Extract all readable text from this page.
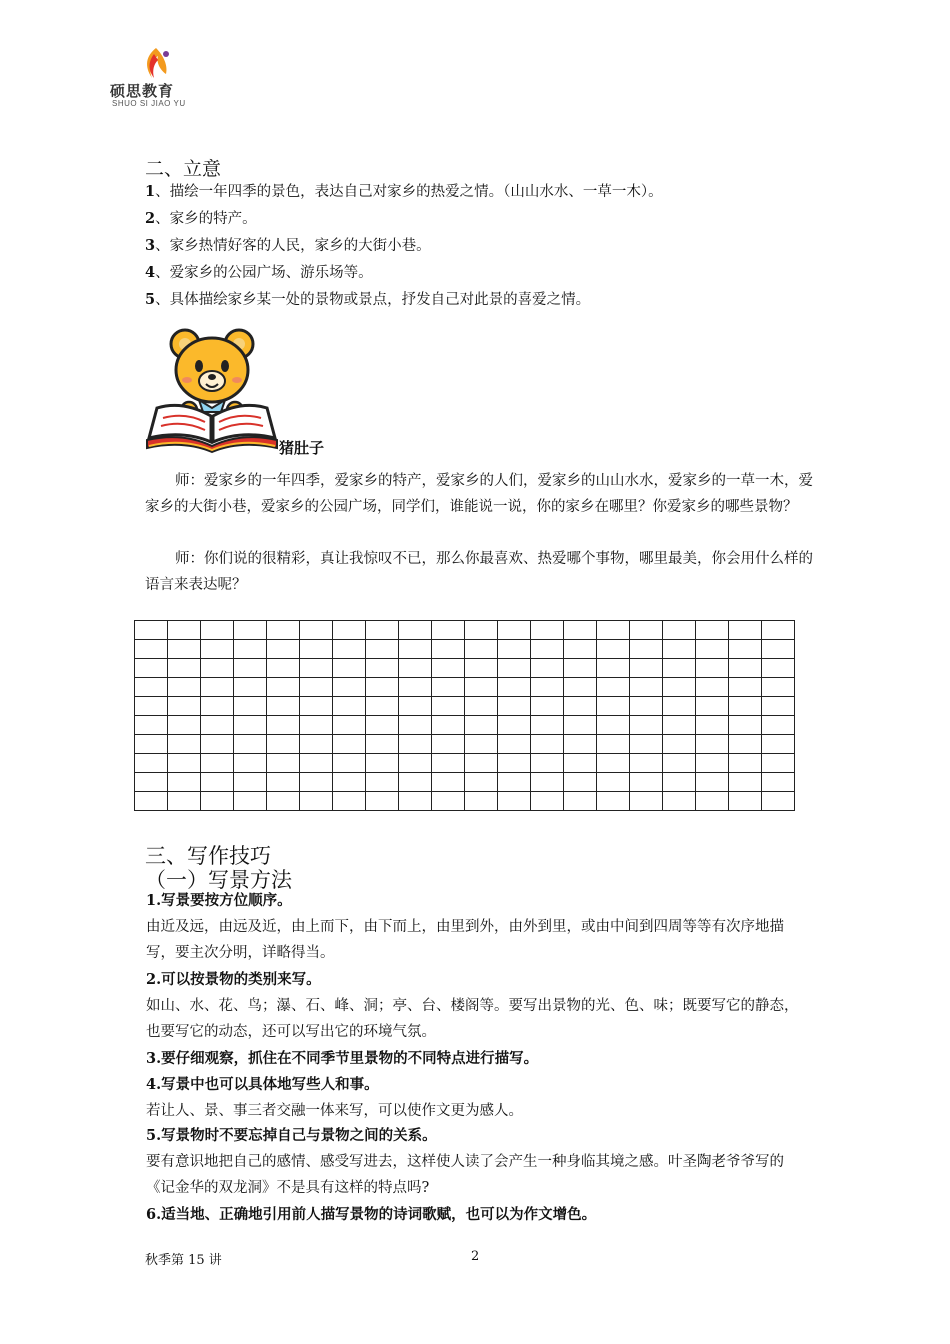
硕思教育
SHUO SI JIAO YU
二、立意
1、描绘一年四季的景色，表达自己对家乡的热爱之情。（山山水水、一草一木）。
2、家乡的特产。
3、家乡热情好客的人民，家乡的大街小巷。
4、爱家乡的公园广场、游乐场等。
5、具体描绘家乡某一处的景物或景点，抒发自己对此景的喜爱之情。
猪肚子
师：爱家乡的一年四季，爱家乡的特产，爱家乡的人们，爱家乡的山山水水，爱家乡的一草一木，爱家乡的大街小巷，爱家乡的公园广场，同学们，谁能说一说，你的家乡在哪里？你爱家乡的哪些景物？
师：你们说的很精彩，真让我惊叹不已，那么你最喜欢、热爱哪个事物，哪里最美，你会用什么样的语言来表达呢？

三、写作技巧
（一）写景方法
1.写景要按方位顺序。
由近及远，由远及近，由上而下，由下而上，由里到外，由外到里，或由中间到四周等等有次序地描写，要主次分明，详略得当。
2.可以按景物的类别来写。
如山、水、花、鸟；瀑、石、峰、洞；亭、台、楼阁等。要写出景物的光、色、味；既要写它的静态，也要写它的动态，还可以写出它的环境气氛。
3.要仔细观察，抓住在不同季节里景物的不同特点进行描写。
4.写景中也可以具体地写些人和事。
若让人、景、事三者交融一体来写，可以使作文更为感人。
5.写景物时不要忘掉自己与景物之间的关系。
要有意识地把自己的感情、感受写进去，这样使人读了会产生一种身临其境之感。叶圣陶老爷爷写的《记金华的双龙洞》不是具有这样的特点吗?
6.适当地、正确地引用前人描写景物的诗词歌赋，也可以为作文增色。
秋季第 15 讲	2
